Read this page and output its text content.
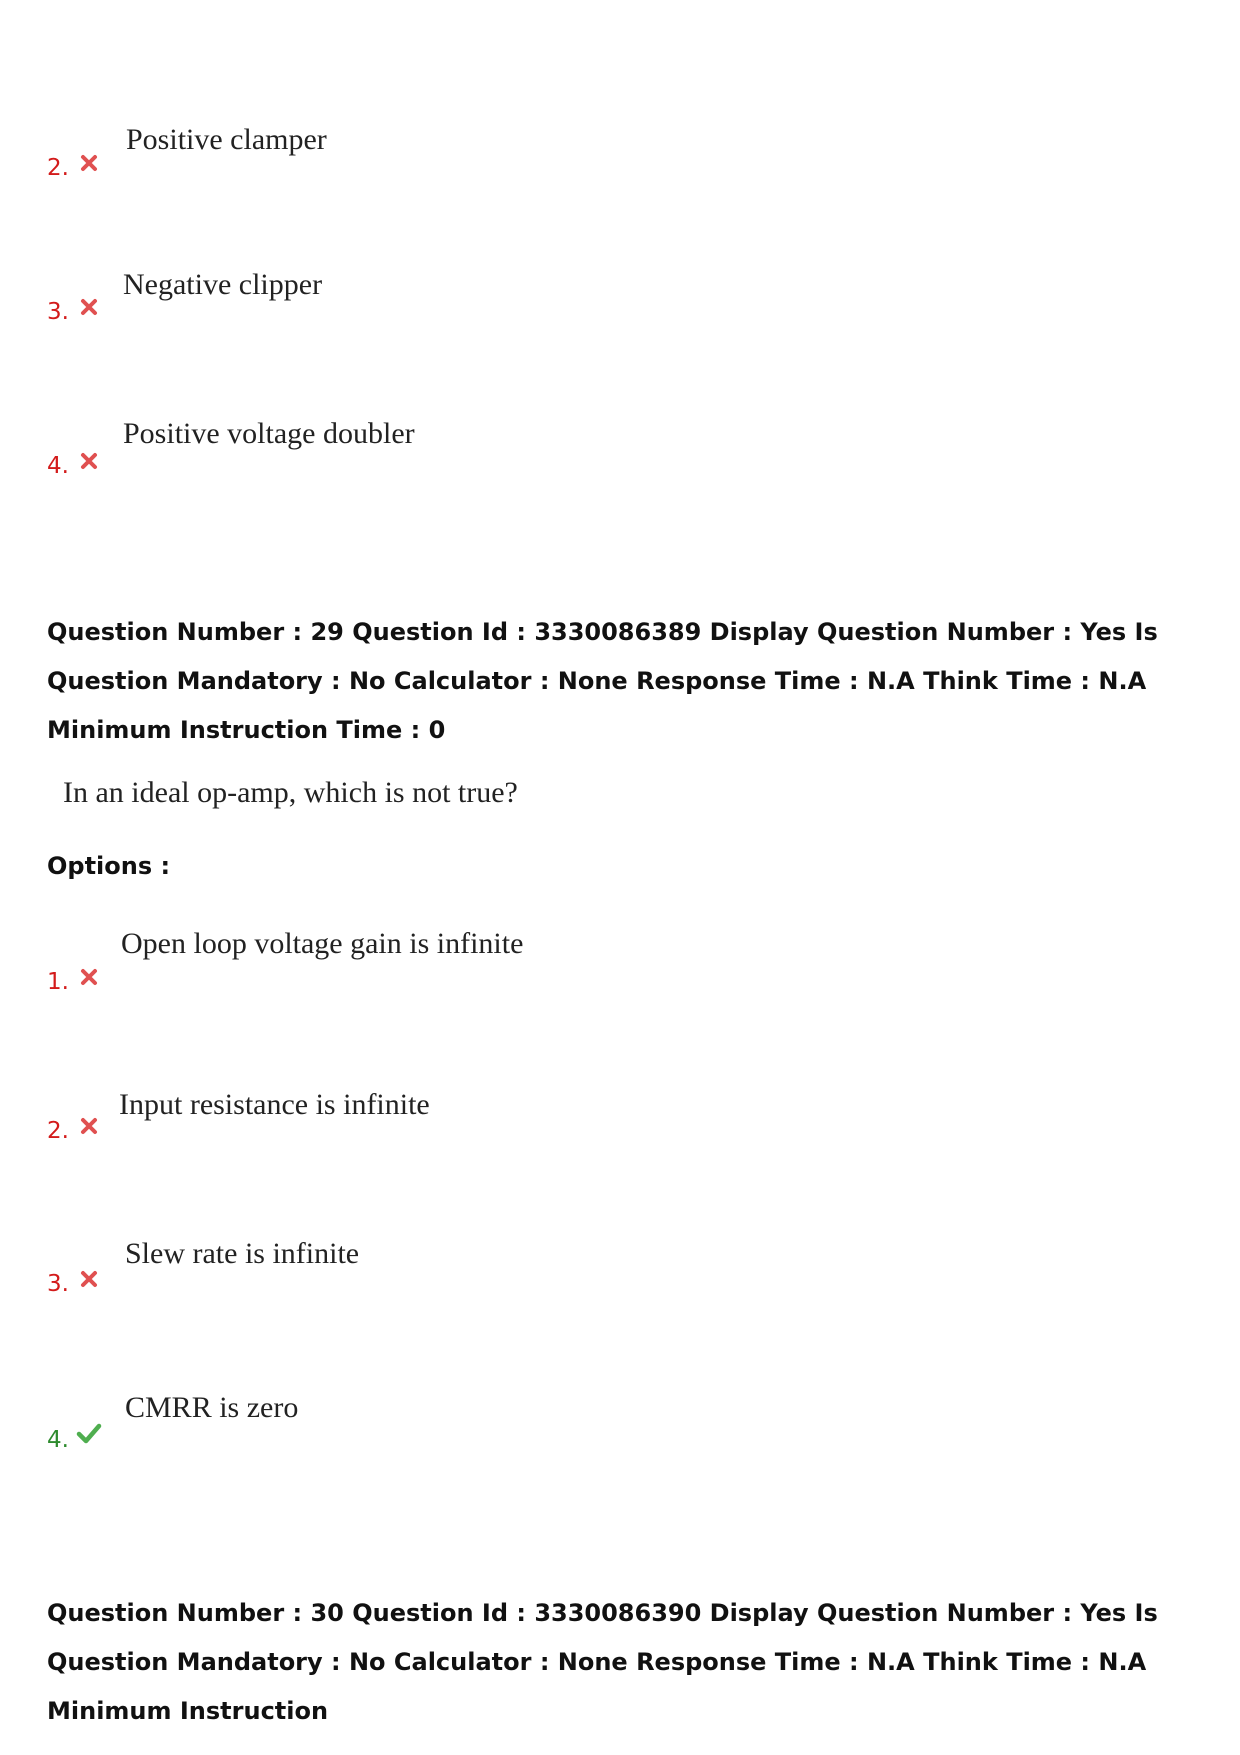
2.
Positive clamper
3.
Negative clipper
4.
Positive voltage doubler
Question Number : 29 Question Id : 3330086389 Display Question Number : Yes Is Question Mandatory : No Calculator : None Response Time : N.A Think Time : N.A Minimum Instruction Time : 0
In an ideal op-amp, which is not true?
Options :
1.
Open loop voltage gain is infinite
2.
Input resistance is infinite
3.
Slew rate is infinite
4.
CMRR is zero
Question Number : 30 Question Id : 3330086390 Display Question Number : Yes Is Question Mandatory : No Calculator : None Response Time : N.A Think Time : N.A Minimum Instruction
